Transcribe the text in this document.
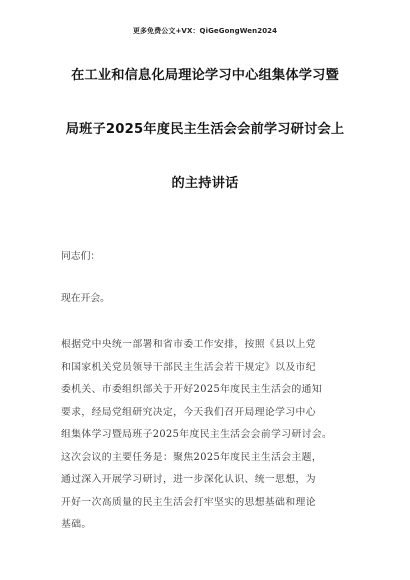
更多免费公文+VX：QiGeGongWen2024
在工业和信息化局理论学习中心组集体学习暨
局班子2025年度民主生活会会前学习研讨会上
的主持讲话
同志们：
现在开会。
根据党中央统一部署和省市委工作安排，按照《县以上党
和国家机关党员领导干部民主生活会若干规定》以及市纪
委机关、市委组织部关于开好2025年度民主生活会的通知
要求，经局党组研究决定，今天我们召开局理论学习中心
组集体学习暨局班子2025年度民主生活会会前学习研讨会。
这次会议的主要任务是：聚焦2025年度民主生活会主题，
通过深入开展学习研讨，进一步深化认识、统一思想，为
开好一次高质量的民主生活会打牢坚实的思想基础和理论
基础。
